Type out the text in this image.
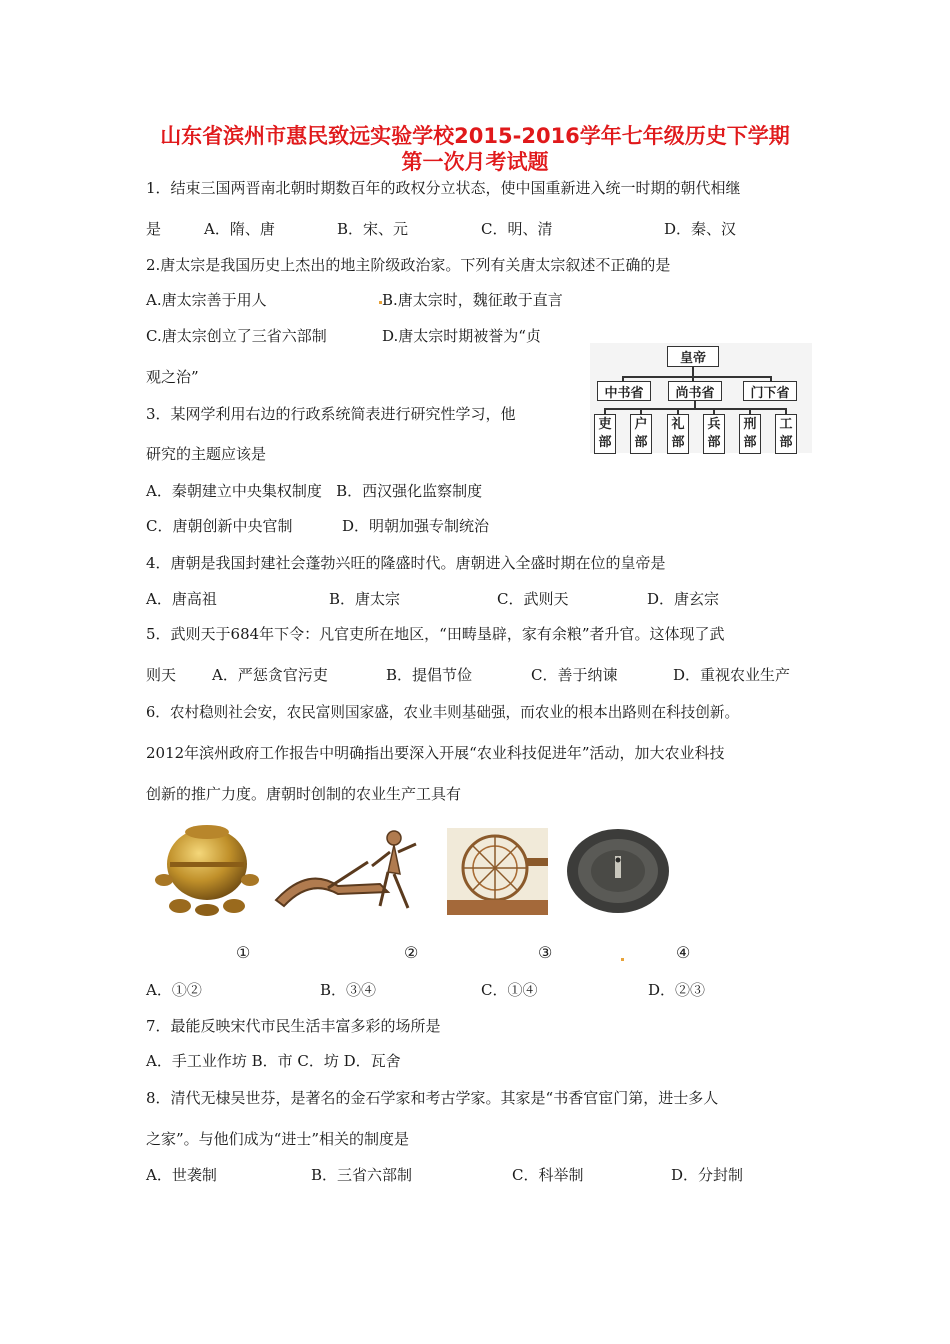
山东省滨州市惠民致远实验学校2015-2016学年七年级历史下学期
第一次月考试题
1．结束三国两晋南北朝时期数百年的政权分立状态，使中国重新进入统一时期的朝代相继
是	A．隋、唐	B．宋、元	C．明、清	D．秦、汉
2.唐太宗是我国历史上杰出的地主阶级政治家。下列有关唐太宗叙述不正确的是
A.唐太宗善于用人	B.唐太宗时，魏征敢于直言
C.唐太宗创立了三省六部制	D.唐太宗时期被誉为“贞
观之治”
皇帝
中书省	尚书省	门下省
吏
部
户
部
礼
部
兵
部
刑
部
工
部
3．某网学利用右边的行政系统简表进行研究性学习，他
研究的主题应该是
A．秦朝建立中央集权制度   B．西汉强化监察制度
C．唐朝创新中央官制	D．明朝加强专制统治
4．唐朝是我国封建社会蓬勃兴旺的隆盛时代。唐朝进入全盛时期在位的皇帝是
A．唐高祖	B．唐太宗	C．武则天	D．唐玄宗
5．武则天于684年下令：凡官吏所在地区，“田畴垦辟，家有余粮”者升官。这体现了武
则天 A．严惩贪官污吏	B．提倡节俭	C．善于纳谏	D．重视农业生产
6．农村稳则社会安，农民富则国家盛，农业丰则基础强，而农业的根本出路则在科技创新。
2012年滨州政府工作报告中明确指出要深入开展“农业科技促进年”活动，加大农业科技
创新的推广力度。唐朝时创制的农业生产工具有
①	②	③	④
A．①②	B．③④	C．①④	D．②③
7．最能反映宋代市民生活丰富多彩的场所是
A．手工业作坊 B．市 C．坊 D．瓦舍
8．清代无棣吴世芬，是著名的金石学家和考古学家。其家是“书香官宦门第，进士多人
之家”。与他们成为“进士”相关的制度是
A．世袭制	B．三省六部制	C．科举制	D．分封制
